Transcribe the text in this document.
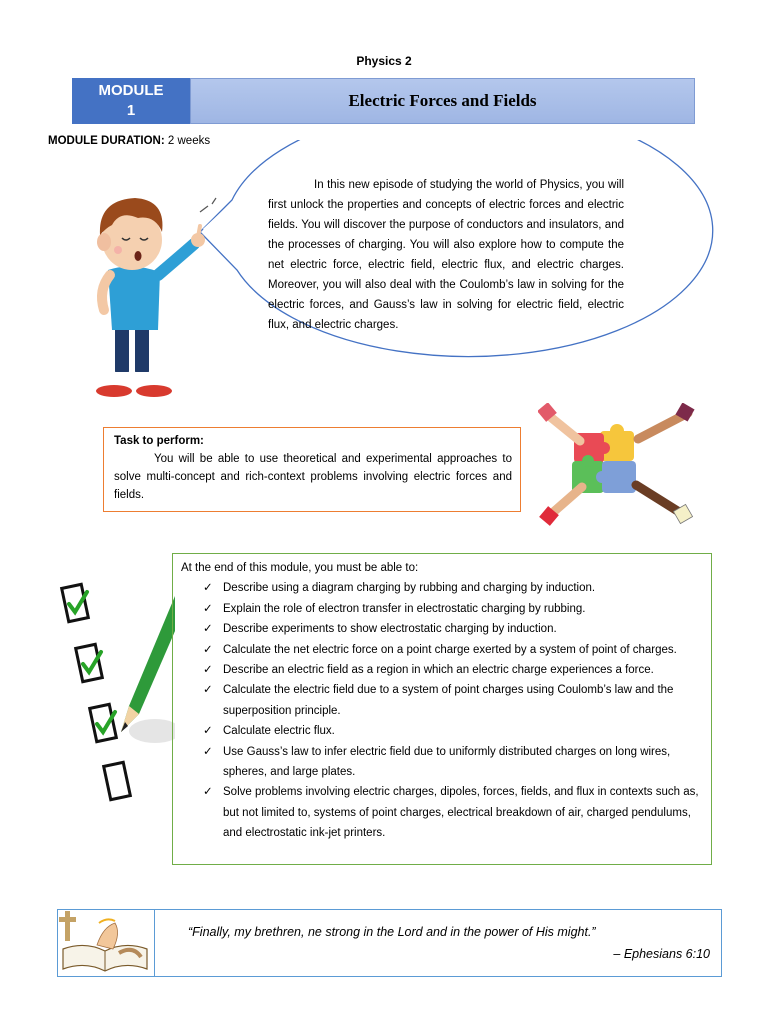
Physics 2
MODULE
1
Electric Forces and Fields
MODULE DURATION: 2 weeks
In this new episode of studying the world of Physics, you will first unlock the properties and concepts of electric forces and electric fields. You will discover the purpose of conductors and insulators, and the processes of charging. You will also explore how to compute the net electric force, electric field, electric flux, and electric charges. Moreover, you will also deal with the Coulomb’s law in solving for the electric forces, and Gauss’s law in solving for electric field, electric flux, and electric charges.
Task to perform:
You will be able to use theoretical and experimental approaches to solve multi-concept and rich-context problems involving electric forces and fields.
At the end of this module, you must be able to:
✓ Describe using a diagram charging by rubbing and charging by induction.
✓ Explain the role of electron transfer in electrostatic charging by rubbing.
✓ Describe experiments to show electrostatic charging by induction.
✓ Calculate the net electric force on a point charge exerted by a system of point of charges.
✓ Describe an electric field as a region in which an electric charge experiences a force.
✓ Calculate the electric field due to a system of point charges using Coulomb’s law and the superposition principle.
✓ Calculate electric flux.
✓ Use Gauss’s law to infer electric field due to uniformly distributed charges on long wires, spheres, and large plates.
✓ Solve problems involving electric charges, dipoles, forces, fields, and flux in contexts such as, but not limited to, systems of point charges, electrical breakdown of air, charged pendulums, and electrostatic ink-jet printers.
“Finally, my brethren, ne strong in the Lord and in the power of His might.”
– Ephesians 6:10
